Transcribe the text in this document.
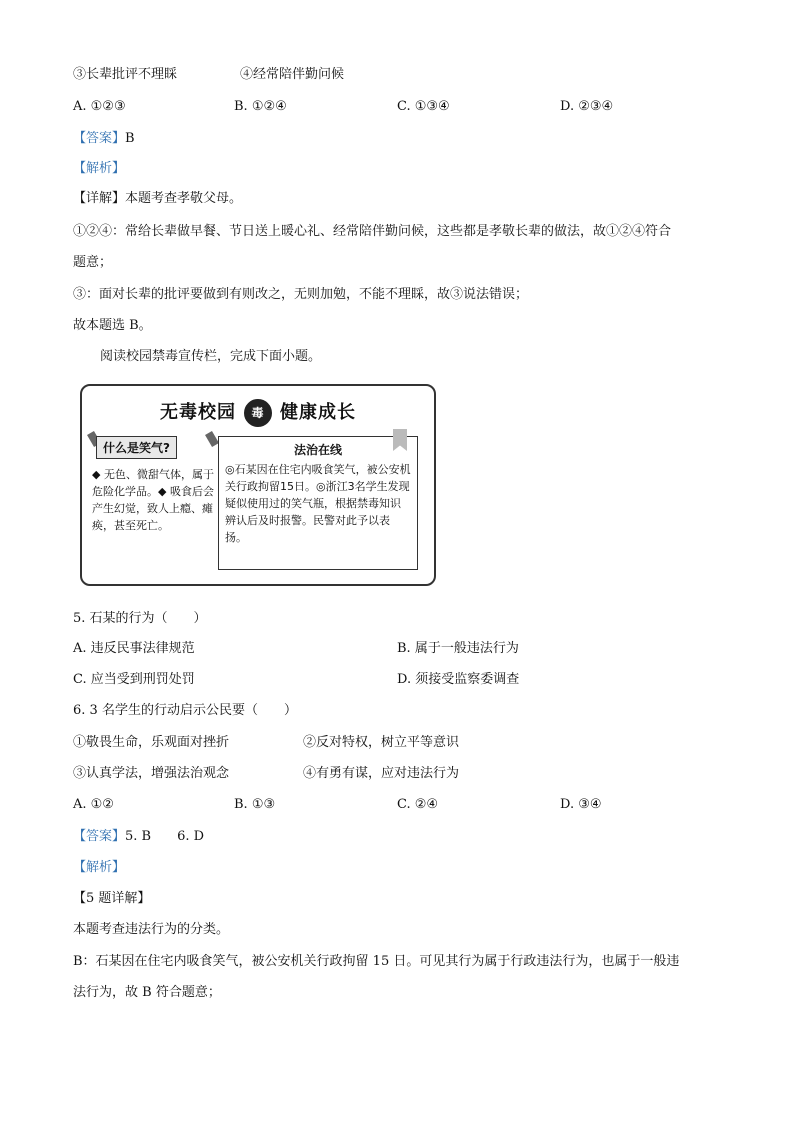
③长辈批评不理睬	④经常陪伴勤问候
A. ①②③	B. ①②④	C. ①③④	D. ②③④
【答案】B
【解析】
【详解】本题考查孝敬父母。
①②④：常给长辈做早餐、节日送上暖心礼、经常陪伴勤问候，这些都是孝敬长辈的做法，故①②④符合
题意；
③：面对长辈的批评要做到有则改之，无则加勉，不能不理睬，故③说法错误；
故本题选 B。
阅读校园禁毒宣传栏，完成下面小题。
无毒校园 毒 健康成长
什么是笑气?
◆ 无色、微甜气体，属于危险化学品。◆ 吸食后会产生幻觉，致人上瘾、瘫痪，甚至死亡。
法治在线
◎石某因在住宅内吸食笑气，被公安机关行政拘留15日。◎浙江3名学生发现疑似使用过的笑气瓶，根据禁毒知识辨认后及时报警。民警对此予以表扬。
5. 石某的行为（　　）
A. 违反民事法律规范	B. 属于一般违法行为
C. 应当受到刑罚处罚	D. 须接受监察委调查
6. 3 名学生的行动启示公民要（　　）
①敬畏生命，乐观面对挫折	②反对特权，树立平等意识
③认真学法，增强法治观念	④有勇有谋，应对违法行为
A. ①②	B. ①③	C. ②④	D. ③④
【答案】5. B　　6. D
【解析】
【5 题详解】
本题考查违法行为的分类。
B：石某因在住宅内吸食笑气，被公安机关行政拘留 15 日。可见其行为属于行政违法行为，也属于一般违
法行为，故 B 符合题意；
